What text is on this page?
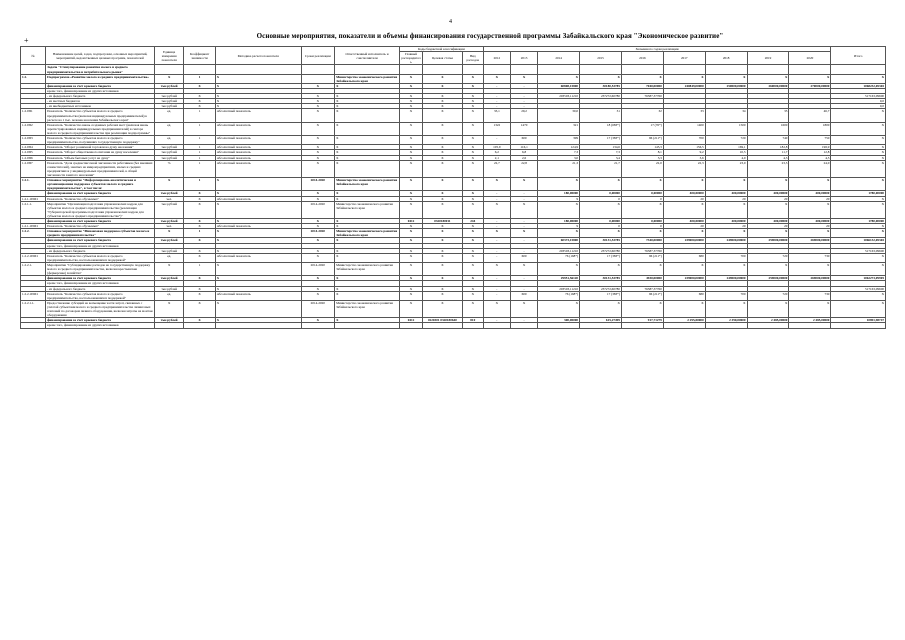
4
+	Основные мероприятия, показатели и объемы финансирования государственной программы Забайкальского края "Экономическое развитие"
№	Наименование целей, задач, подпрограмм, основных мероприятий, мероприятий, ведомственных целевых программ, показателей	Единица измерения показателя	Коэффициент значимости	Методика расчета показателя	Сроки реализации	Ответственный исполнитель и соисполнители	Коды бюджетной классификации			Значения по годам реализации									Итого
							Главный распорядитель	Целевая статья	Вид расходов	2012	2013	2014	2015	2016	2017	2018	2019	2020	
	Задача "Стимулирование развития малого и среднего предпринимательства и потребительского рынка"																		
1.2.	Подпрограмма «Развитие малого и среднего предпринимательства»	X	1	X		Министерство экономического развития Забайкальского края	X	X	X	X	X	X	X	X	X	X	X	X	X
	финансирование за счет краевого бюджета	тыс.рублей	X	X	X	X	X	X	X	-	-	60808,15800	30180,53785	7040,00000	240849,00000	250000,00000	260000,00000	270000,00000	1068232,69365
	кроме того, финансирование из других источников																		
	- из федерального бюджета	тыс.рублей	X	X	X	X	X	X	X	-	-	203503,11210	237272,60780	76387,37760					517163,09600
	- из местных бюджетов	тыс.рублей	X	X	X	X	X	X	X	-	-								0,0
	- из внебюджетных источников	тыс.рублей	X	X	X	X	X	X	X	-	-								0,0
1.2.0П1	Показатель "Количество субъектов малого и среднего предпринимательства (включая индивидуальных предпринимателей) в расчете на 1 тыс. человек населения Забайкальского края"	ед.	1	Абсолютный показатель	X	X	X	X	X	33,1	29,2	30,0	31	32	33	34	35	46,7	X
1.2.0П2	Показатель "Количество вновь созданных рабочих мест (включая вновь зарегистрированных индивидуальных предпринимателей) в секторе малого и среднего предпринимательства при реализации подпрограммы"	ед.	1	Абсолютный показатель	X	X	X	X	X	1322	1470	321	18 (683*)	17 (76*)	1400	1500	1600	1800	X
1.2.0П3	Показатель "Количество субъектов малого и среднего предпринимательства, получивших государственную поддержку"	ед.	1	Абсолютный показатель	X	X	X	X	X	-	600	399	17 (383*)	96 (211*)	700	720	740	750	X
1.2.0П4	Показатель "Оборот розничной торговли на душу населения"	тыс.рублей	1	Абсолютный показатель	X	X	X	X	X	105,9	116,1	124,9	134,6	145,3	156,5	169,1	182,8	196,9	X
1.2.0П5	Показатель "Оборот общественного питания на душу населения"	тыс.рублей	1	Абсолютный показатель	X	X	X	X	X	6,2	6,8	7,3	7,3	8,1	9,2	10,5	11,7	12,8	X
1.2.0П6	Показатель "Объем бытовых услуг на душу"	тыс.рублей	1	Абсолютный показатель	X	X	X	X	X	2,1	2,6	3,0	3,4	3,3	3,6	4,0	4,3	4,5	X
1.2.0П7	Показатель "Доля среднесписочной численности работников (без внешних совместителей), занятых на микропредприятиях, малых и средних предприятиях и у индивидуальных предпринимателей, в общей численности занятого населения"	%	1	Абсолютный показатель	X	X	X	X	X	22,7	22,8	21,3	21,7	22,0	22,3	23,0	23,5	24,0	X
1.2.1.	Основное мероприятие "Информационно-аналитическая и организационная поддержка субъектов малого и среднего предпринимательства", в том числе:	X	1	X	2014-2020	Министерство экономического развития Забайкальского края	X	X	X	X	X	X	X	X	X	X	X	X	X
	финансирование за счет краевого бюджета	тыс.рублей	X	X	X	X	X	X	X	-	-	180,00000	0,00000	0,00000	400,00000	400,00000	400,00000	400,00000	1780,00000
1.2.1.1ПМ1	Показатель "Количество обучаемых"	чел.	X	Абсолютный показатель	X	X	X	X	X	-	-	9	0	0	20	20	20	20	X
1.2.1.1.	Мероприятие "Организация подготовки управленческих кадров для субъектов малого и среднего предпринимательства (реализация "Губернаторской программы подготовки управленческих кадров для субъектов малого и среднего предпринимательства")"	тыс.рублей	X	X	2014-2020	Министерство экономического развития Забайкальского края	X	X	X	X	X	X	X	X	X	X	X	X	X
	финансирование за счет краевого бюджета	тыс.рублей	X	X	X	X	0412	0320180011	244	-	-	180,00000	0,00000	0,00000	400,00000	400,00000	400,00000	400,00000	1780,00000
1.2.1.1ПМ1	Показатель "Количество обучаемых"	чел.	X	Абсолютный показатель	X	X	X	X	X	-	-	9	0	0	20	20	20	20	X
1.2.2.	Основное мероприятие "Финансовая поддержка субъектов малого и среднего предпринимательства"	X	1	X	2014-2020	Министерство экономического развития Забайкальского края	X	X	X	X	X	X	X	X	X	X	X	X	X
	финансирование за счет краевого бюджета	тыс.рублей	X	X	X	X	X	X	X	-	-	60373,15800	30131,53785	7340,00000	239000,00000	249000,00000	259000,00000	269000,00000	1066132,69365
	кроме того, финансирование из других источников																		
	- из федерального бюджета	тыс.рублей	X	X	X	X	X	X	X	-	-	203503,11210	237272,60780	76387,37760					517163,09600
1.2.2.1ПМ1	Показатель "Количество субъектов малого и среднего предпринимательства, воспользовавшихся поддержкой"	ед.	X	Абсолютный показатель	X	X	X	X	X	-	600	76 (168*)	17 (383*)	96 (211*)	680	700	720	730	X
1.2.2.1.	Мероприятие "Субсидирование расходов на государственную поддержку малого и среднего предпринимательства, включая крестьянские (фермерские) хозяйства"	X	1	X	2014-2020	Министерство экономического развития Забайкальского края	X	X	X	X	X	X	X	X	X	X	X	X	X
	финансирование за счет краевого бюджета	тыс.рублей	X	X	X	X	X	X	X	-	-	29951,56120	30131,53785	4930,00000	239000,00000	249000,00000	259000,00000	269000,00000	1062273,09905
	кроме того, финансирование из других источников																		
	- из федерального бюджета	тыс.рублей	X	X	X	X	X	X	X	-	-	203503,11210	237272,60780	76387,37760					517163,09600
1.2.2.1ПМ1	Показатель "Количество субъектов малого и среднего предпринимательства, воспользовавшихся поддержкой"	ед.	X	Абсолютный показатель	X	X	X	X	X	-	600	76 (168*)	17 (383*)	96 (211*)	680	700	720	730	X
1.2.2.1.1.	Предоставление субсидий на возмещение части затрат, связанных с уплатой субъектами малого и среднего предпринимательства лизинговых платежей по договорам лизинга оборудования, включая затраты на монтаж оборудования	X	X	X	2014-2020	Министерство экономического развития Забайкальского края	X	X	X	X	X	X	X	X	X	X	X	X	X
	финансирование за счет краевого бюджета	тыс.рублей	X	X	X	X	0412	0220301 0320180640	810	-	-	300,00000	615,27499	917,71279	2 295,00000	2 390,00000	2 485,00000	2 485,00000	10891,98747
	кроме того, финансирование из других источников																		
